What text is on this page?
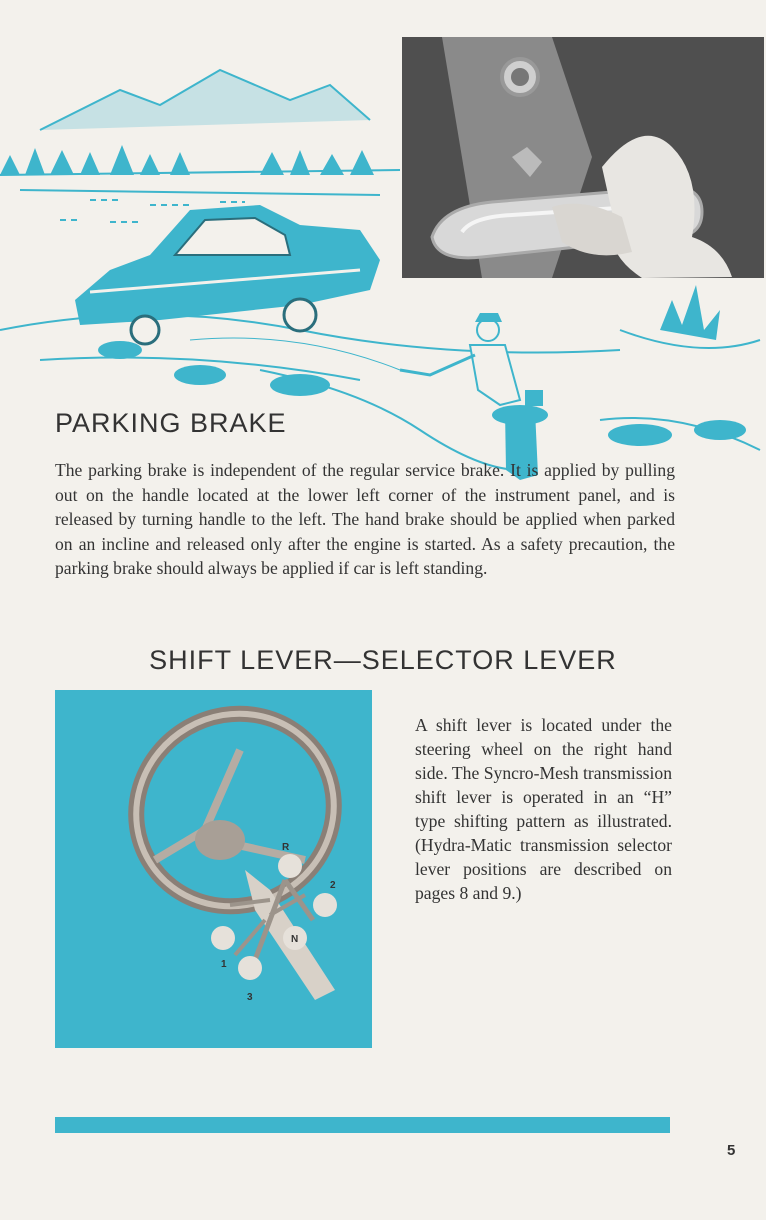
PARKING BRAKE

The parking brake is independent of the regular service brake. It is applied by pulling out on the handle located at the lower left corner of the instrument panel, and is released by turning handle to the left. The hand brake should be applied when parked on an incline and released only after the engine is started. As a safety precaution, the parking brake should always be applied if car is left standing.

SHIFT LEVER—SELECTOR LEVER
R
2
N
1
3

A shift lever is located under the steering wheel on the right hand side. The Syncro-Mesh transmission shift lever is operated in an “H” type shifting pattern as illustrated. (Hydra-Matic transmission selector lever positions are described on pages 8 and 9.)

5
